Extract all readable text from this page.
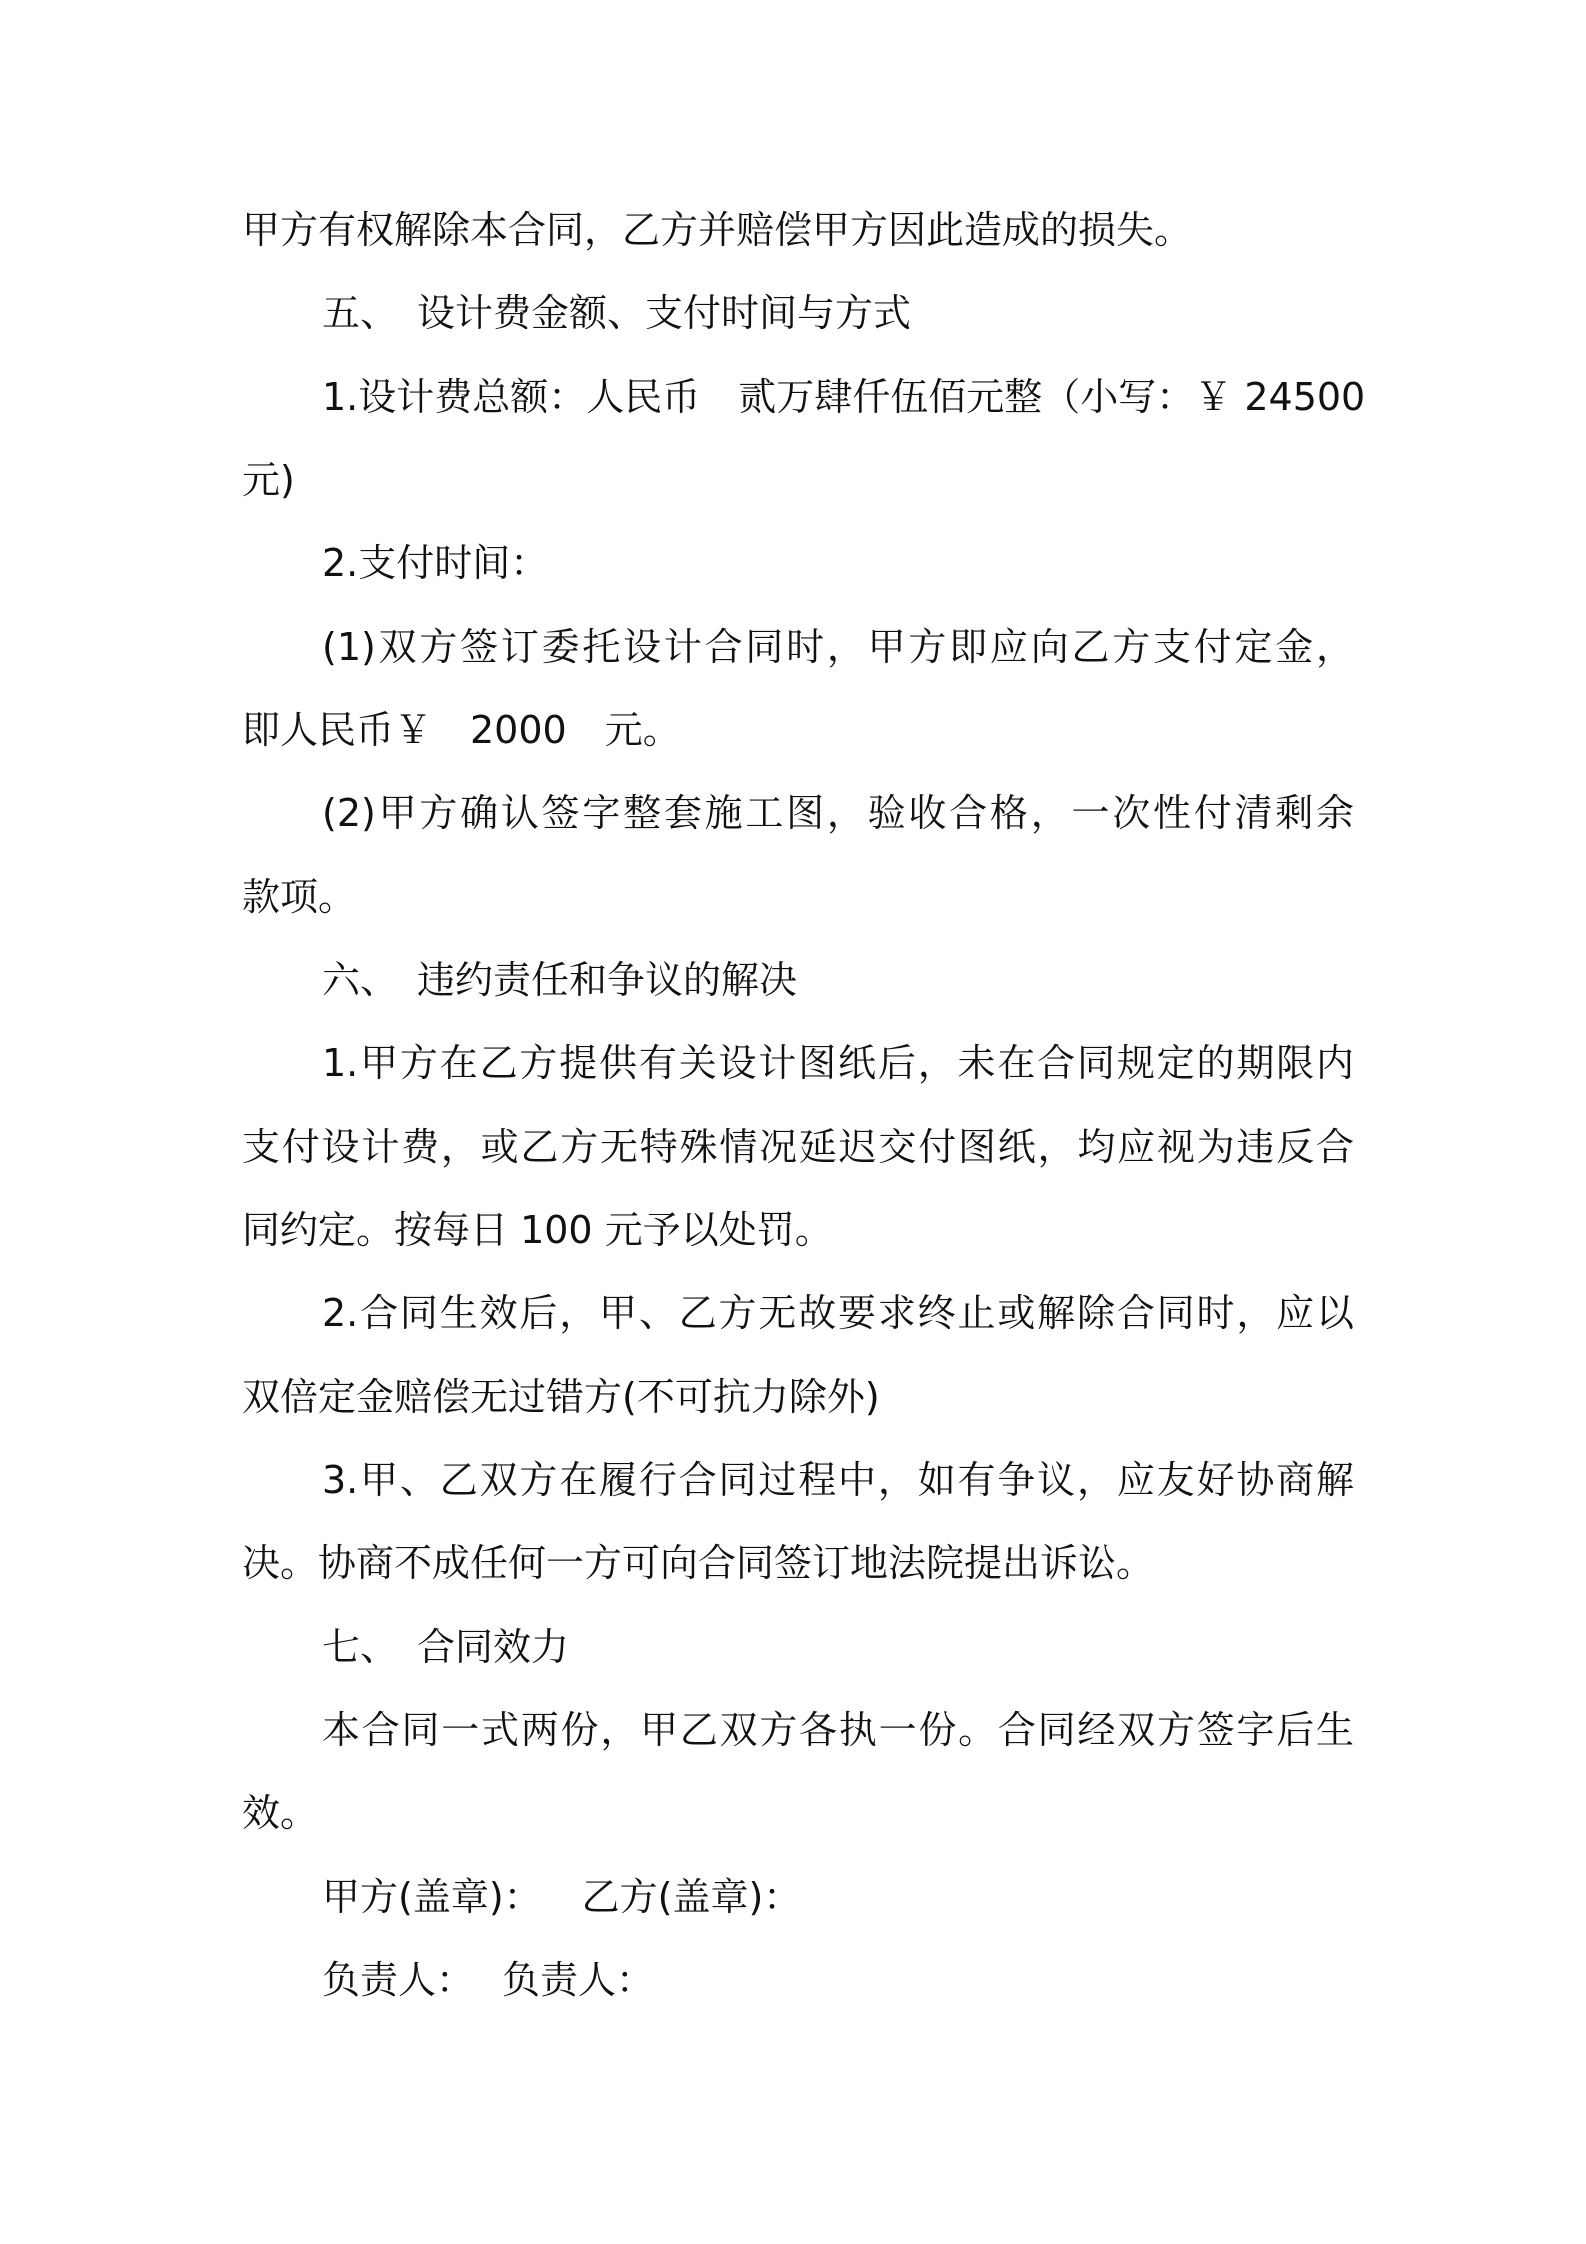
甲方有权解除本合同，乙方并赔偿甲方因此造成的损失。
五、　设计费金额、支付时间与方式
1.设计费总额：人民币　贰万肆仟伍佰元整（小写：￥ 24500
元)
2.支付时间：
(1)双方签订委托设计合同时，甲方即应向乙方支付定金，
即人民币￥　2000　元。
(2)甲方确认签字整套施工图，验收合格，一次性付清剩余
款项。
六、　违约责任和争议的解决
1.甲方在乙方提供有关设计图纸后，未在合同规定的期限内
支付设计费，或乙方无特殊情况延迟交付图纸，均应视为违反合
同约定。按每日 100 元予以处罚。
2.合同生效后，甲、乙方无故要求终止或解除合同时，应以
双倍定金赔偿无过错方(不可抗力除外)
3.甲、乙双方在履行合同过程中，如有争议，应友好协商解
决。协商不成任何一方可向合同签订地法院提出诉讼。
七、　合同效力
本合同一式两份，甲乙双方各执一份。合同经双方签字后生
效。
甲方(盖章)： 乙方(盖章)：
负责人： 负责人：
